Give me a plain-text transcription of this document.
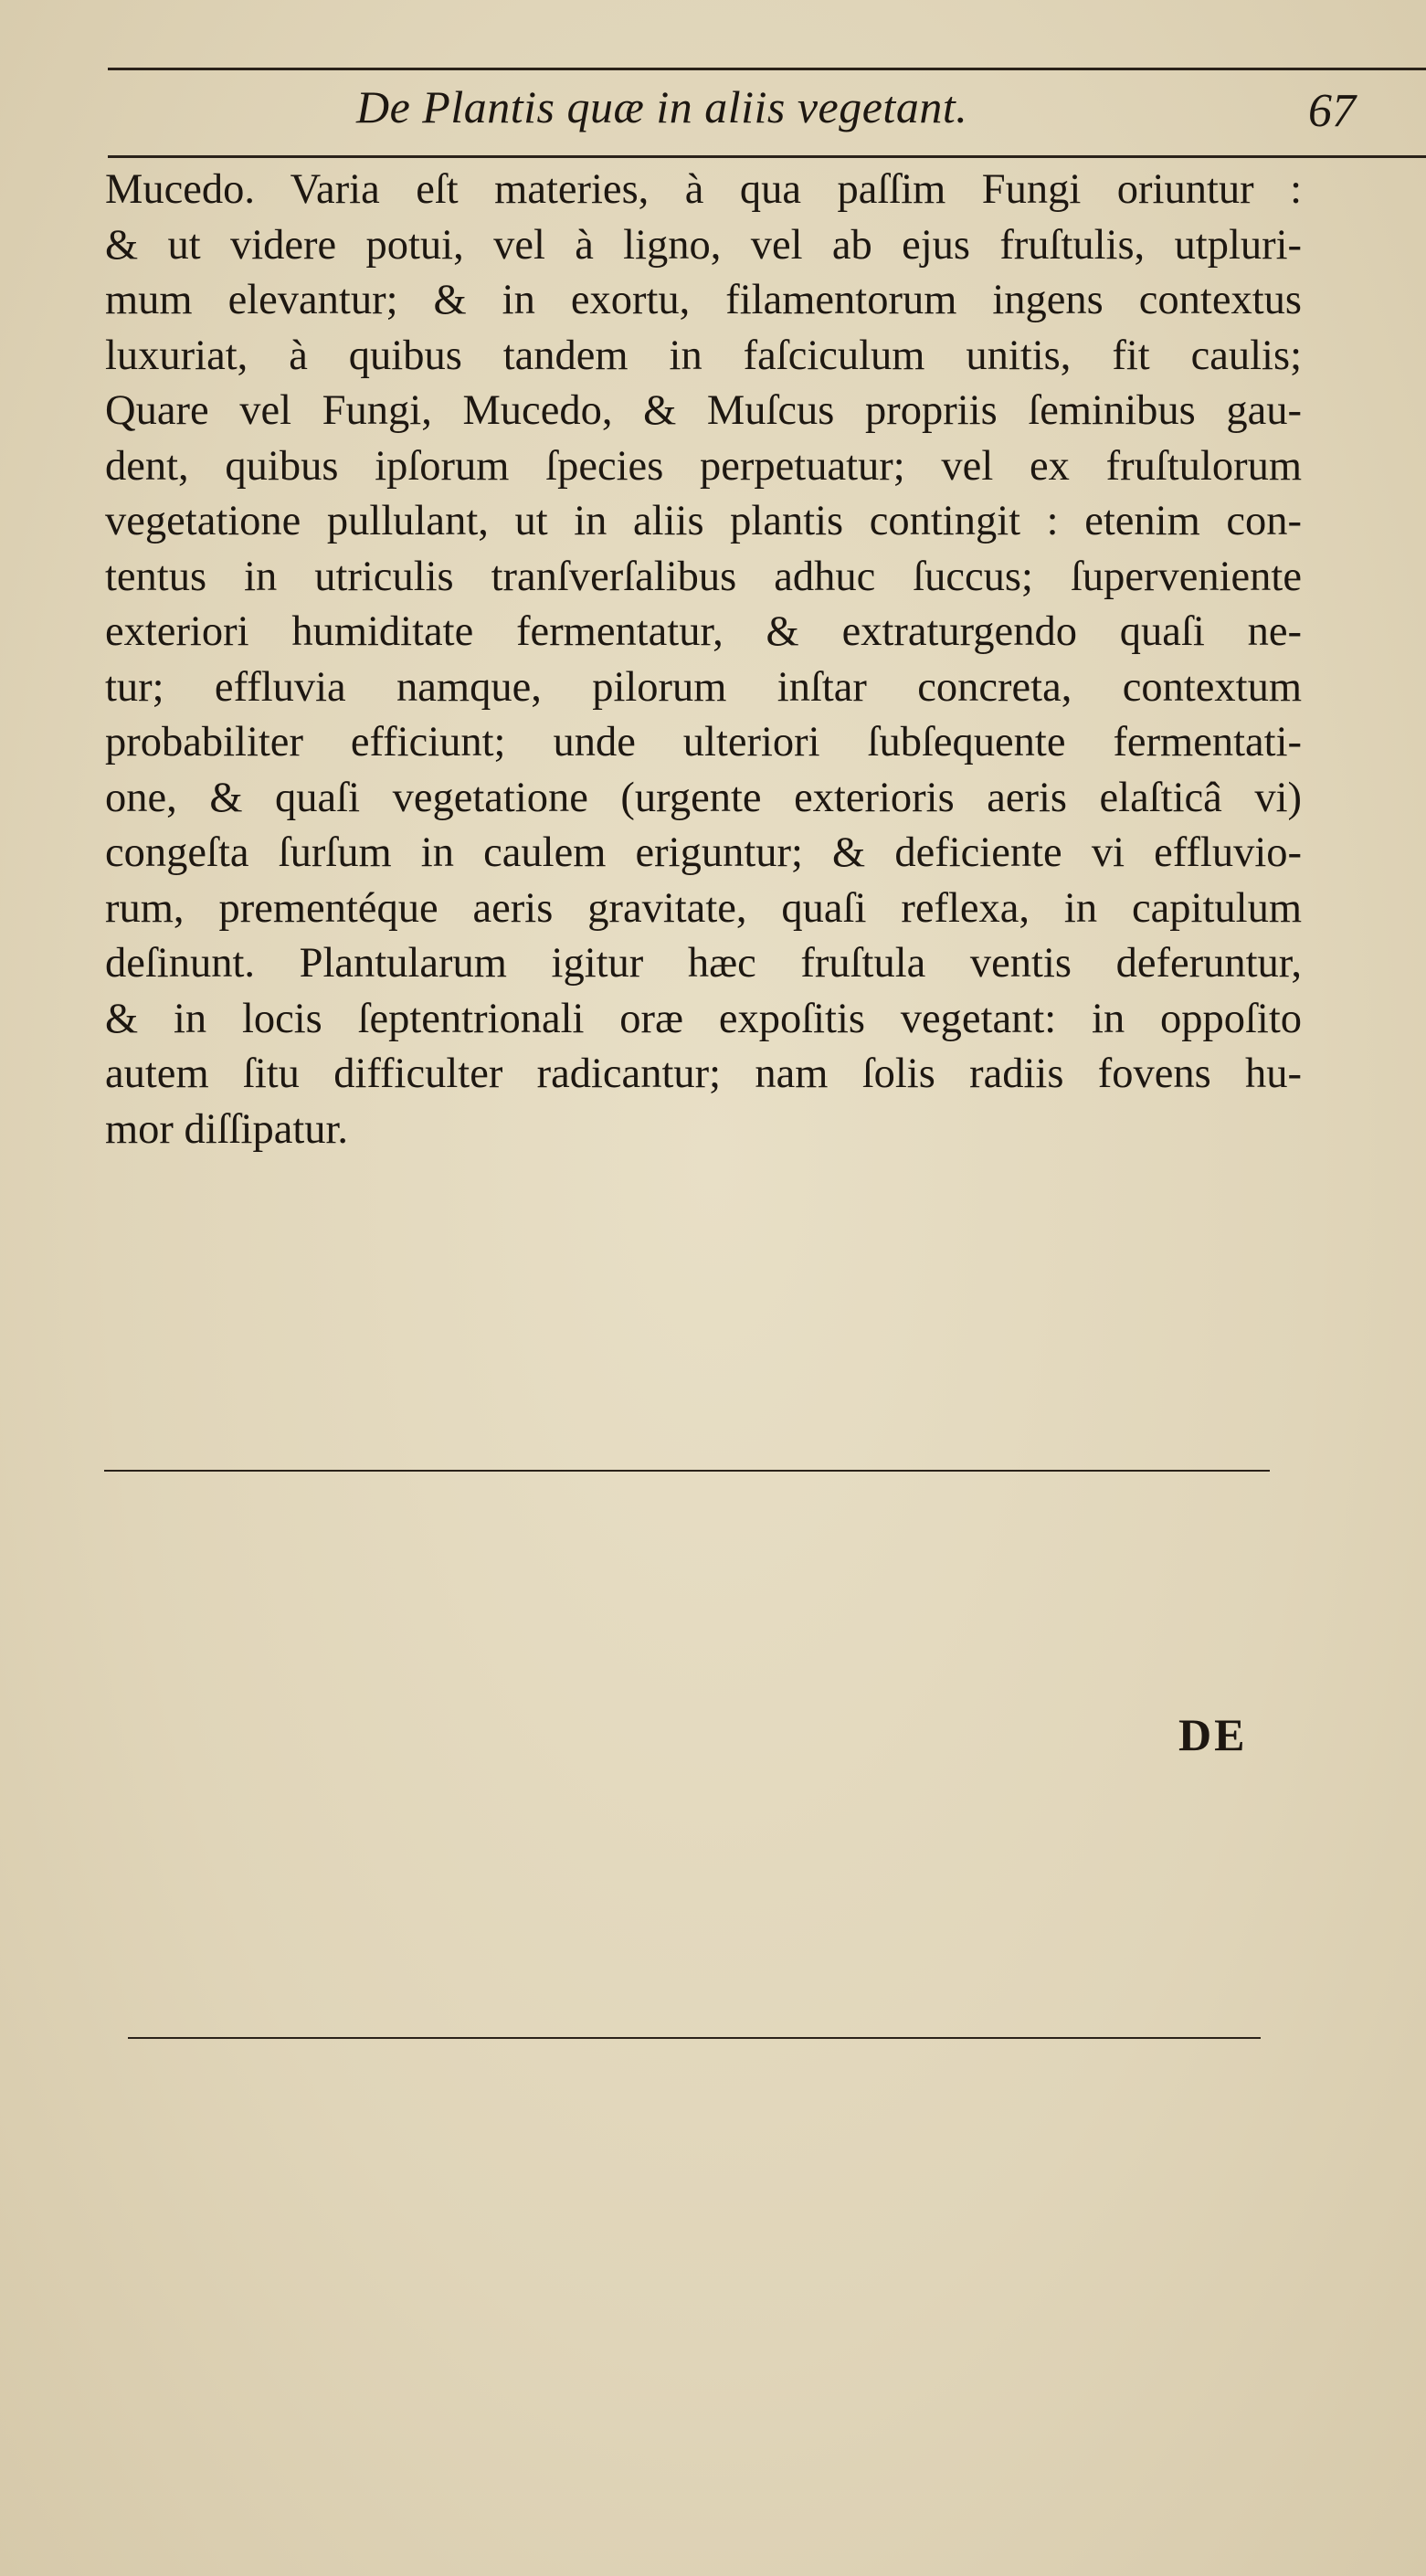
De Plantis quæ in aliis vegetant.	67
Mucedo. Varia eſt materies, à qua paſſim Fungi oriuntur :
& ut videre potui, vel à ligno, vel ab ejus fruſtulis, utpluri-
mum elevantur; & in exortu, filamentorum ingens contextus
luxuriat, à quibus tandem in faſciculum unitis, fit caulis;
Quare vel Fungi, Mucedo, & Muſcus propriis ſeminibus gau-
dent, quibus ipſorum ſpecies perpetuatur; vel ex fruſtulorum
vegetatione pullulant, ut in aliis plantis contingit : etenim con-
tentus in utriculis tranſverſalibus adhuc ſuccus; ſuperveniente
exteriori humiditate fermentatur, & extraturgendo quaſi ne-
tur; effluvia namque, pilorum inſtar concreta, contextum
probabiliter efficiunt; unde ulteriori ſubſequente fermentati-
one, & quaſi vegetatione (urgente exterioris aeris elaſticâ vi)
congeſta ſurſum in caulem eriguntur; & deficiente vi effluvio-
rum, prementéque aeris gravitate, quaſi reflexa, in capitulum
deſinunt. Plantularum igitur hæc fruſtula ventis deferuntur,
& in locis ſeptentrionali oræ expoſitis vegetant: in oppoſito
autem ſitu difficulter radicantur; nam ſolis radiis fovens hu-
mor diſſipatur.
DE
